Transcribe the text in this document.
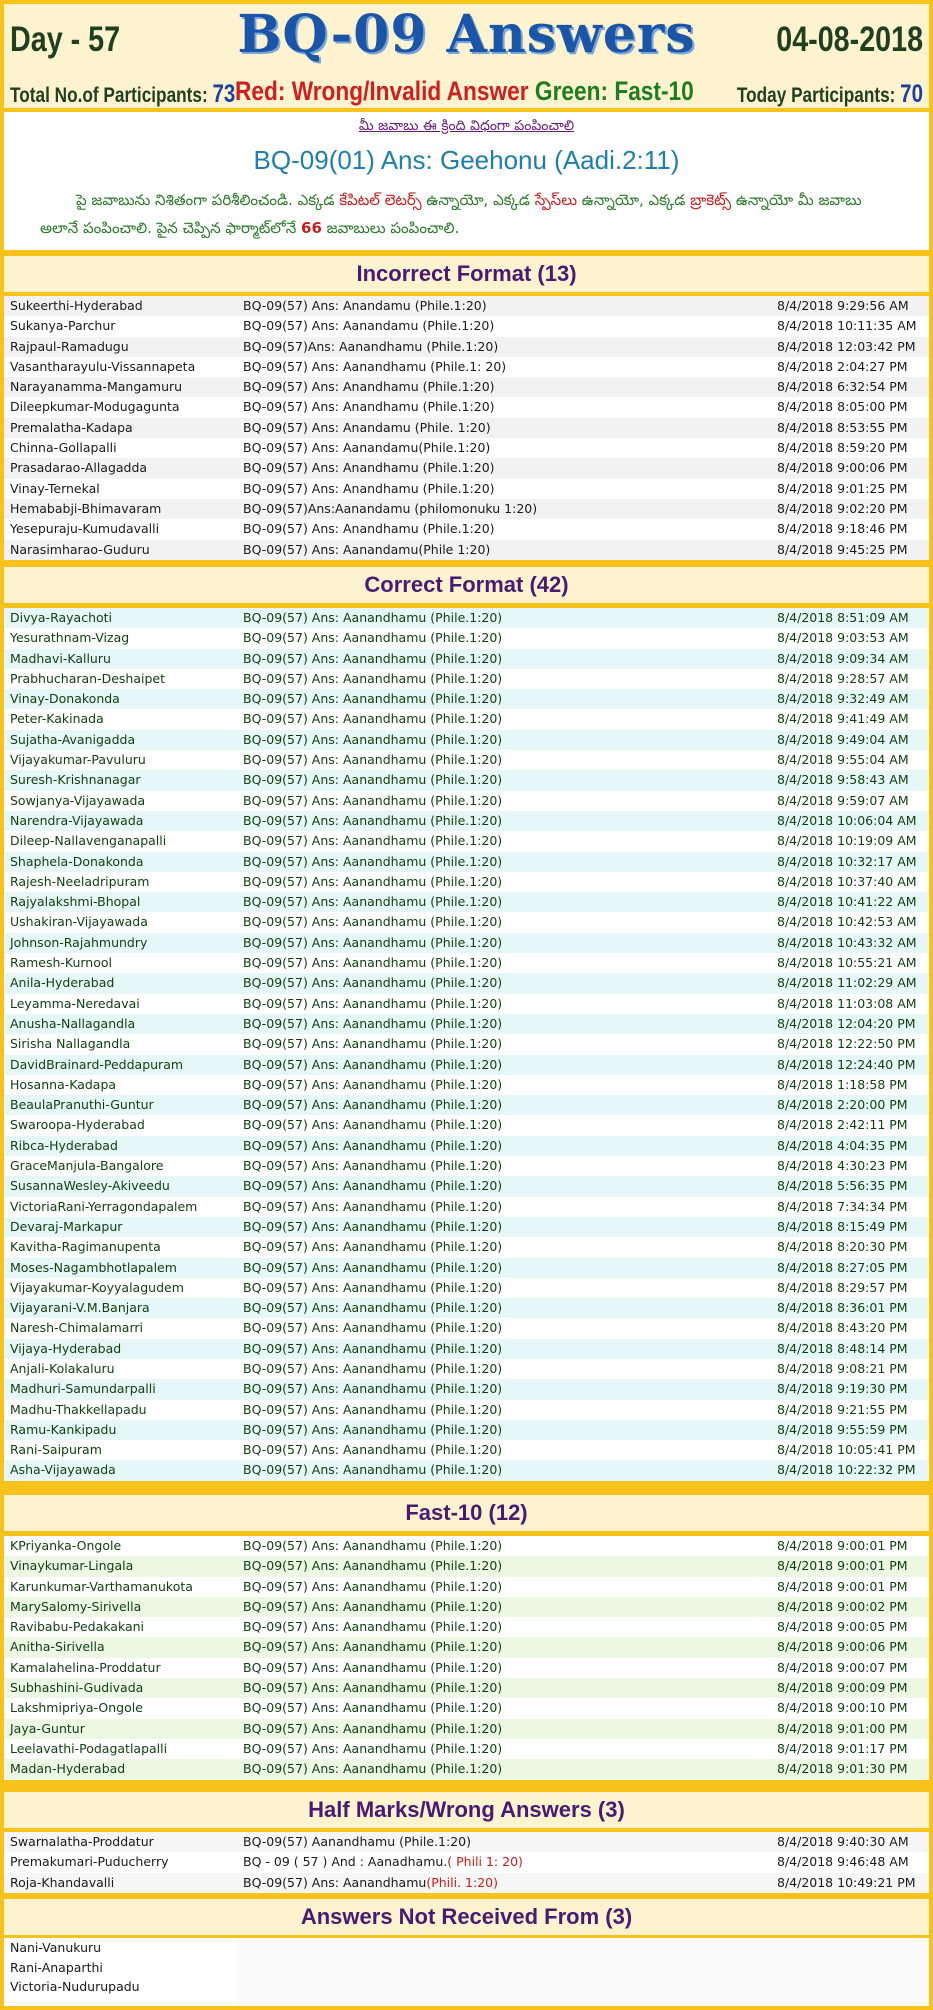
BQ-09 Answers
Day - 57	04-08-2018
Total No.of Participants: 73 Red: Wrong/Invalid Answer Green: Fast-10 Today Participants: 70
మీ జవాబు ఈ క్రింది విధంగా పంపించాలి
BQ-09(01) Ans: Geehonu (Aadi.2:11)
పై జవాబును నిశితంగా పరిశీలించండి. ఎక్కడ కేపిటల్ లెటర్స్ ఉన్నాయో, ఎక్కడ స్పేస్‌లు ఉన్నాయో, ఎక్కడ బ్రాకెట్స్ ఉన్నాయో మీ జవాబు అలానే పంపించాలి. పైన చెప్పిన ఫార్మాట్‌లోనే 66 జవాబులు పంపించాలి.
Incorrect Format (13)
Sukeerthi-Hyderabad	BQ-09(57) Ans: Anandamu (Phile.1:20)	8/4/2018 9:29:56 AM
Sukanya-Parchur	BQ-09(57) Ans: Aanandamu (Phile.1:20)	8/4/2018 10:11:35 AM
Rajpaul-Ramadugu	BQ-09(57)Ans: Aanandhamu (Phile.1:20)	8/4/2018 12:03:42 PM
Vasantharayulu-Vissannapeta	BQ-09(57) Ans: Aanandhamu (Phile.1: 20)	8/4/2018 2:04:27 PM
Narayanamma-Mangamuru	BQ-09(57) Ans: Anandhamu (Phile.1:20)	8/4/2018 6:32:54 PM
Dileepkumar-Modugagunta	BQ-09(57) Ans: Anandhamu (Phile.1:20)	8/4/2018 8:05:00 PM
Premalatha-Kadapa	BQ-09(57) Ans: Anandamu (Phile. 1:20)	8/4/2018 8:53:55 PM
Chinna-Gollapalli	BQ-09(57) Ans: Aanandamu(Phile.1:20)	8/4/2018 8:59:20 PM
Prasadarao-Allagadda	BQ-09(57) Ans: Anandhamu (Phile.1:20)	8/4/2018 9:00:06 PM
Vinay-Ternekal	BQ-09(57) Ans: Anandhamu (Phile.1:20)	8/4/2018 9:01:25 PM
Hemababji-Bhimavaram	BQ-09(57)Ans:Aanandamu (philomonuku 1:20)	8/4/2018 9:02:20 PM
Yesepuraju-Kumudavalli	BQ-09(57) Ans: Anandhamu (Phile.1:20)	8/4/2018 9:18:46 PM
Narasimharao-Guduru	BQ-09(57) Ans: Aanandamu(Phile 1:20)	8/4/2018 9:45:25 PM
Correct Format (42)
Divya-Rayachoti	BQ-09(57) Ans: Aanandhamu (Phile.1:20)	8/4/2018 8:51:09 AM
Yesurathnam-Vizag	BQ-09(57) Ans: Aanandhamu (Phile.1:20)	8/4/2018 9:03:53 AM
Madhavi-Kalluru	BQ-09(57) Ans: Aanandhamu (Phile.1:20)	8/4/2018 9:09:34 AM
Prabhucharan-Deshaipet	BQ-09(57) Ans: Aanandhamu (Phile.1:20)	8/4/2018 9:28:57 AM
Vinay-Donakonda	BQ-09(57) Ans: Aanandhamu (Phile.1:20)	8/4/2018 9:32:49 AM
Peter-Kakinada	BQ-09(57) Ans: Aanandhamu (Phile.1:20)	8/4/2018 9:41:49 AM
Sujatha-Avanigadda	BQ-09(57) Ans: Aanandhamu (Phile.1:20)	8/4/2018 9:49:04 AM
Vijayakumar-Pavuluru	BQ-09(57) Ans: Aanandhamu (Phile.1:20)	8/4/2018 9:55:04 AM
Suresh-Krishnanagar	BQ-09(57) Ans: Aanandhamu (Phile.1:20)	8/4/2018 9:58:43 AM
Sowjanya-Vijayawada	BQ-09(57) Ans: Aanandhamu (Phile.1:20)	8/4/2018 9:59:07 AM
Narendra-Vijayawada	BQ-09(57) Ans: Aanandhamu (Phile.1:20)	8/4/2018 10:06:04 AM
Dileep-Nallavenganapalli	BQ-09(57) Ans: Aanandhamu (Phile.1:20)	8/4/2018 10:19:09 AM
Shaphela-Donakonda	BQ-09(57) Ans: Aanandhamu (Phile.1:20)	8/4/2018 10:32:17 AM
Rajesh-Neeladripuram	BQ-09(57) Ans: Aanandhamu (Phile.1:20)	8/4/2018 10:37:40 AM
Rajyalakshmi-Bhopal	BQ-09(57) Ans: Aanandhamu (Phile.1:20)	8/4/2018 10:41:22 AM
Ushakiran-Vijayawada	BQ-09(57) Ans: Aanandhamu (Phile.1:20)	8/4/2018 10:42:53 AM
Johnson-Rajahmundry	BQ-09(57) Ans: Aanandhamu (Phile.1:20)	8/4/2018 10:43:32 AM
Ramesh-Kurnool	BQ-09(57) Ans: Aanandhamu (Phile.1:20)	8/4/2018 10:55:21 AM
Anila-Hyderabad	BQ-09(57) Ans: Aanandhamu (Phile.1:20)	8/4/2018 11:02:29 AM
Leyamma-Neredavai	BQ-09(57) Ans: Aanandhamu (Phile.1:20)	8/4/2018 11:03:08 AM
Anusha-Nallagandla	BQ-09(57) Ans: Aanandhamu (Phile.1:20)	8/4/2018 12:04:20 PM
Sirisha Nallagandla	BQ-09(57) Ans: Aanandhamu (Phile.1:20)	8/4/2018 12:22:50 PM
DavidBrainard-Peddapuram	BQ-09(57) Ans: Aanandhamu (Phile.1:20)	8/4/2018 12:24:40 PM
Hosanna-Kadapa	BQ-09(57) Ans: Aanandhamu (Phile.1:20)	8/4/2018 1:18:58 PM
BeaulaPranuthi-Guntur	BQ-09(57) Ans: Aanandhamu (Phile.1:20)	8/4/2018 2:20:00 PM
Swaroopa-Hyderabad	BQ-09(57) Ans: Aanandhamu (Phile.1:20)	8/4/2018 2:42:11 PM
Ribca-Hyderabad	BQ-09(57) Ans: Aanandhamu (Phile.1:20)	8/4/2018 4:04:35 PM
GraceManjula-Bangalore	BQ-09(57) Ans: Aanandhamu (Phile.1:20)	8/4/2018 4:30:23 PM
SusannaWesley-Akiveedu	BQ-09(57) Ans: Aanandhamu (Phile.1:20)	8/4/2018 5:56:35 PM
VictoriaRani-Yerragondapalem	BQ-09(57) Ans: Aanandhamu (Phile.1:20)	8/4/2018 7:34:34 PM
Devaraj-Markapur	BQ-09(57) Ans: Aanandhamu (Phile.1:20)	8/4/2018 8:15:49 PM
Kavitha-Ragimanupenta	BQ-09(57) Ans: Aanandhamu (Phile.1:20)	8/4/2018 8:20:30 PM
Moses-Nagambhotlapalem	BQ-09(57) Ans: Aanandhamu (Phile.1:20)	8/4/2018 8:27:05 PM
Vijayakumar-Koyyalagudem	BQ-09(57) Ans: Aanandhamu (Phile.1:20)	8/4/2018 8:29:57 PM
Vijayarani-V.M.Banjara	BQ-09(57) Ans: Aanandhamu (Phile.1:20)	8/4/2018 8:36:01 PM
Naresh-Chimalamarri	BQ-09(57) Ans: Aanandhamu (Phile.1:20)	8/4/2018 8:43:20 PM
Vijaya-Hyderabad	BQ-09(57) Ans: Aanandhamu (Phile.1:20)	8/4/2018 8:48:14 PM
Anjali-Kolakaluru	BQ-09(57) Ans: Aanandhamu (Phile.1:20)	8/4/2018 9:08:21 PM
Madhuri-Samundarpalli	BQ-09(57) Ans: Aanandhamu (Phile.1:20)	8/4/2018 9:19:30 PM
Madhu-Thakkellapadu	BQ-09(57) Ans: Aanandhamu (Phile.1:20)	8/4/2018 9:21:55 PM
Ramu-Kankipadu	BQ-09(57) Ans: Aanandhamu (Phile.1:20)	8/4/2018 9:55:59 PM
Rani-Saipuram	BQ-09(57) Ans: Aanandhamu (Phile.1:20)	8/4/2018 10:05:41 PM
Asha-Vijayawada	BQ-09(57) Ans: Aanandhamu (Phile.1:20)	8/4/2018 10:22:32 PM
Fast-10 (12)
KPriyanka-Ongole	BQ-09(57) Ans: Aanandhamu (Phile.1:20)	8/4/2018 9:00:01 PM
Vinaykumar-Lingala	BQ-09(57) Ans: Aanandhamu (Phile.1:20)	8/4/2018 9:00:01 PM
Karunkumar-Varthamanukota	BQ-09(57) Ans: Aanandhamu (Phile.1:20)	8/4/2018 9:00:01 PM
MarySalomy-Sirivella	BQ-09(57) Ans: Aanandhamu (Phile.1:20)	8/4/2018 9:00:02 PM
Ravibabu-Pedakakani	BQ-09(57) Ans: Aanandhamu (Phile.1:20)	8/4/2018 9:00:05 PM
Anitha-Sirivella	BQ-09(57) Ans: Aanandhamu (Phile.1:20)	8/4/2018 9:00:06 PM
Kamalahelina-Proddatur	BQ-09(57) Ans: Aanandhamu (Phile.1:20)	8/4/2018 9:00:07 PM
Subhashini-Gudivada	BQ-09(57) Ans: Aanandhamu (Phile.1:20)	8/4/2018 9:00:09 PM
Lakshmipriya-Ongole	BQ-09(57) Ans: Aanandhamu (Phile.1:20)	8/4/2018 9:00:10 PM
Jaya-Guntur	BQ-09(57) Ans: Aanandhamu (Phile.1:20)	8/4/2018 9:01:00 PM
Leelavathi-Podagatlapalli	BQ-09(57) Ans: Aanandhamu (Phile.1:20)	8/4/2018 9:01:17 PM
Madan-Hyderabad	BQ-09(57) Ans: Aanandhamu (Phile.1:20)	8/4/2018 9:01:30 PM
Half Marks/Wrong Answers (3)
Swarnalatha-Proddatur	BQ-09(57) Aanandhamu (Phile.1:20)	8/4/2018 9:40:30 AM
Premakumari-Puducherry	BQ - 09 ( 57 ) And : Aanadhamu.( Phili 1: 20)	8/4/2018 9:46:48 AM
Roja-Khandavalli	BQ-09(57) Ans: Aanandhamu(Phili. 1:20)	8/4/2018 10:49:21 PM
Answers Not Received From (3)
Nani-Vanukuru
Rani-Anaparthi
Victoria-Nudurupadu
